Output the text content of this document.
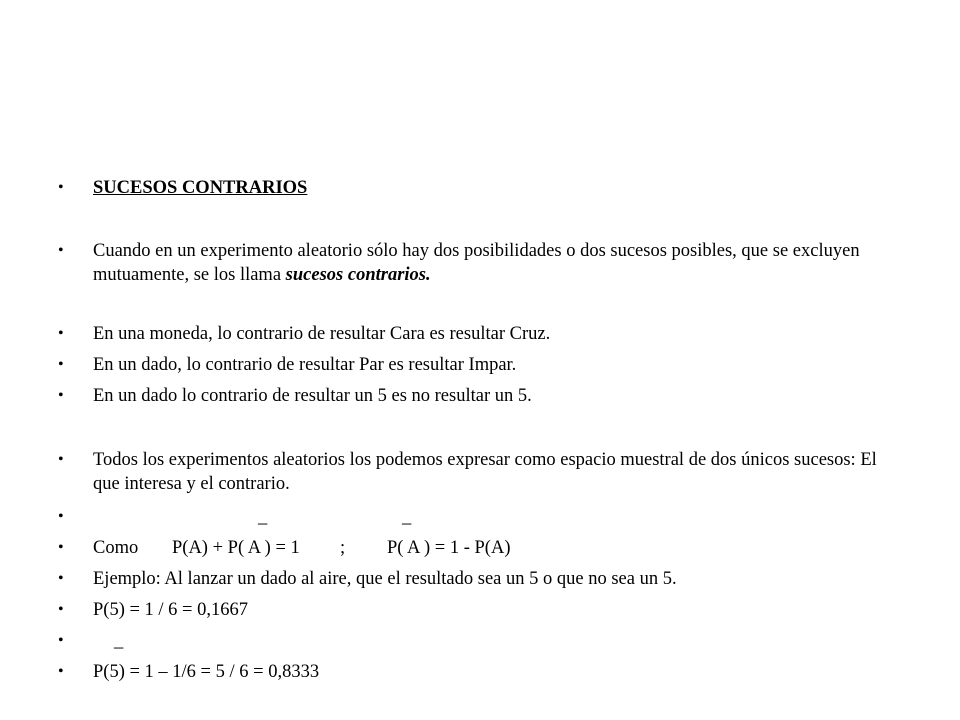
• SUCESOS CONTRARIOS
• Cuando en un experimento aleatorio sólo hay dos posibilidades o dos sucesos posibles, que se excluyen mutuamente, se los llama sucesos contrarios.
• En una moneda, lo contrario de resultar Cara es resultar Cruz.
• En un dado, lo contrario de resultar Par es resultar Impar.
• En un dado lo contrario de resultar un 5 es no resultar un 5.
• Todos los experimentos aleatorios los podemos expresar como espacio muestral de dos únicos sucesos: El que interesa y el contrario.
•	_	_
• Como P(A) + P( A ) = 1 ; P( A ) = 1 - P(A)
• Ejemplo: Al lanzar un dado al aire, que el resultado sea un 5 o que no sea un 5.
• P(5) = 1 / 6 = 0,1667
•	_
• P(5) = 1 – 1/6 = 5 / 6 = 0,8333
